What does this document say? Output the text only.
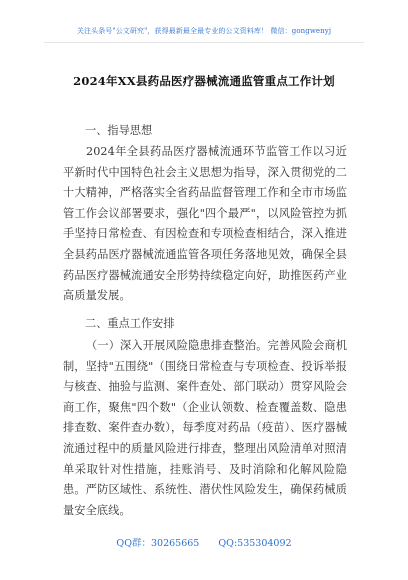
关注头条号"公文研究"，获得最新最全最专业的公文资料库！ 微信：gongwenyj
2024年XX县药品医疗器械流通监管重点工作计划
一、指导思想
2024年全县药品医疗器械流通环节监管工作以习近平新时代中国特色社会主义思想为指导，深入贯彻党的二十大精神，严格落实全省药品监督管理工作和全市市场监管工作会议部署要求，强化"四个最严"，以风险管控为抓手坚持日常检查、有因检查和专项检查相结合，深入推进全县药品医疗器械流通监管各项任务落地见效，确保全县药品医疗器械流通安全形势持续稳定向好，助推医药产业高质量发展。
二、重点工作安排
（一）深入开展风险隐患排查整治。完善风险会商机制，坚持"五围绕"（围绕日常检查与专项检查、投诉举报与核查、抽验与监测、案件查处、部门联动）贯穿风险会商工作，聚焦"四个数"（企业认领数、检查覆盖数、隐患排查数、案件查办数），每季度对药品（疫苗）、医疗器械流通过程中的质量风险进行排查，整理出风险清单对照清单采取针对性措施，挂账消号、及时消除和化解风险隐患。严防区域性、系统性、潜伏性风险发生，确保药械质量安全底线。
QQ群：30265665 QQ:535304092
